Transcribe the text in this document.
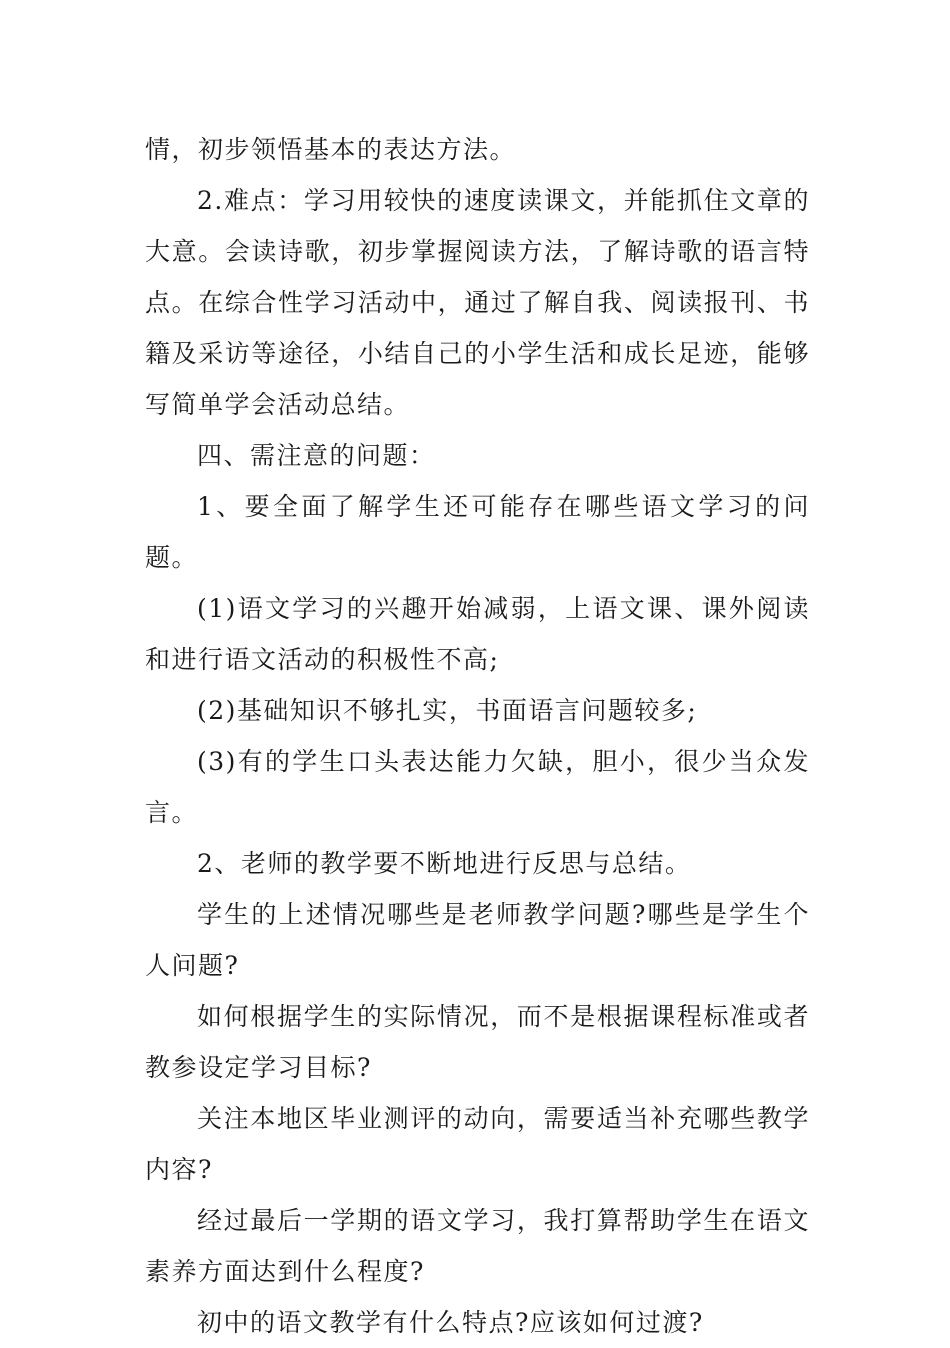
情，初步领悟基本的表达方法。

2.难点：学习用较快的速度读课文，并能抓住文章的大意。会读诗歌，初步掌握阅读方法，了解诗歌的语言特点。在综合性学习活动中，通过了解自我、阅读报刊、书籍及采访等途径，小结自己的小学生活和成长足迹，能够写简单学会活动总结。

四、需注意的问题：

1、要全面了解学生还可能存在哪些语文学习的问题。

(1)语文学习的兴趣开始减弱，上语文课、课外阅读和进行语文活动的积极性不高;

(2)基础知识不够扎实，书面语言问题较多;

(3)有的学生口头表达能力欠缺，胆小，很少当众发言。

2、老师的教学要不断地进行反思与总结。

学生的上述情况哪些是老师教学问题?哪些是学生个人问题?

如何根据学生的实际情况，而不是根据课程标准或者教参设定学习目标?

关注本地区毕业测评的动向，需要适当补充哪些教学内容?

经过最后一学期的语文学习，我打算帮助学生在语文素养方面达到什么程度?

初中的语文教学有什么特点?应该如何过渡?
